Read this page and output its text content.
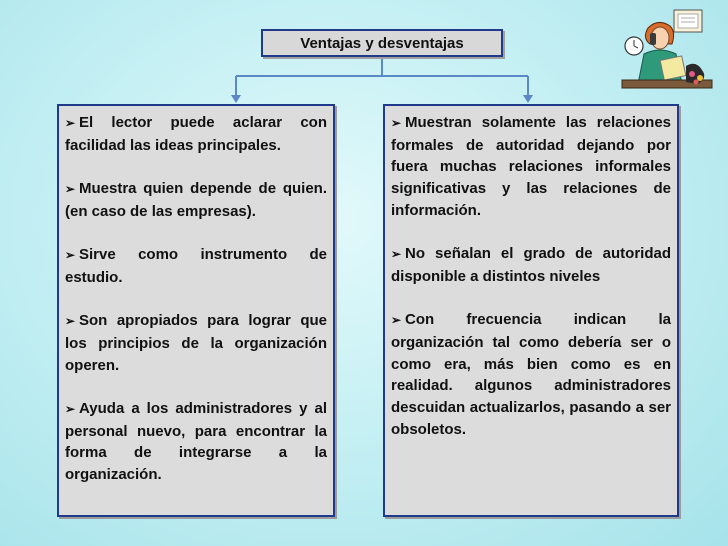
Ventajas y desventajas

➢ El lector puede aclarar con facilidad las ideas principales.

➢ Muestra quien depende de quien. (en caso de las empresas).

➢ Sirve como instrumento de estudio.

➢ Son apropiados para lograr que los principios de la organización operen.

➢ Ayuda a los administradores y al personal nuevo, para encontrar la forma de integrarse a la organización.

➢ Muestran solamente las relaciones formales de autoridad dejando por fuera muchas relaciones informales significativas y las relaciones de información.

➢ No señalan el grado de autoridad disponible a distintos niveles

➢ Con frecuencia indican la organización tal como debería ser o como era, más bien como es en realidad. algunos administradores descuidan actualizarlos, pasando a ser obsoletos.
